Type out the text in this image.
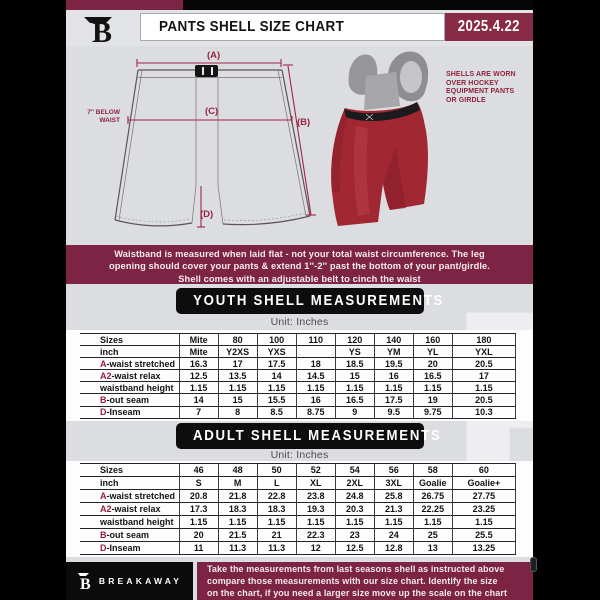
B	PANTS SHELL SIZE CHART	2025.4.22
(A)
(C)
(B)
(D)
7'' BELOW WAIST
SHELLS ARE WORN
OVER HOCKEY
EQUIPMENT PANTS
OR GIRDLE
Waistband is measured when laid flat - not your total waist circumference. The leg
opening should cover your pants & extend 1''-2'' past the bottom of your pant/girdle.
Shell comes with an adjustable belt to cinch the waist
YOUTH SHELL MEASUREMENTS
Unit: Inches
Sizes	Mite	80	100	110	120	140	160	180
inch	Mite	Y2XS	YXS		YS	YM	YL	YXL
A-waist stretched	16.3	17	17.5	18	18.5	19.5	20	20.5
A2-waist relax	12.5	13.5	14	14.5	15	16	16.5	17
waistband height	1.15	1.15	1.15	1.15	1.15	1.15	1.15	1.15
B-out seam	14	15	15.5	16	16.5	17.5	19	20.5
D-Inseam	7	8	8.5	8.75	9	9.5	9.75	10.3
ADULT SHELL MEASUREMENTS
Unit: Inches
Sizes	46	48	50	52	54	56	58	60
inch	S	M	L	XL	2XL	3XL	Goalie	Goalie+
A-waist stretched	20.8	21.8	22.8	23.8	24.8	25.8	26.75	27.75
A2-waist relax	17.3	18.3	18.3	19.3	20.3	21.3	22.25	23.25
waistband height	1.15	1.15	1.15	1.15	1.15	1.15	1.15	1.15
B-out seam	20	21.5	21	22.3	23	24	25	25.5
D-Inseam	11	11.3	11.3	12	12.5	12.8	13	13.25
B BREAKAWAY
Take the measurements from last seasons shell as instructed above
compare those measurements with our size chart. Identify the size
on the chart, if you need a larger size move up the scale on the chart
